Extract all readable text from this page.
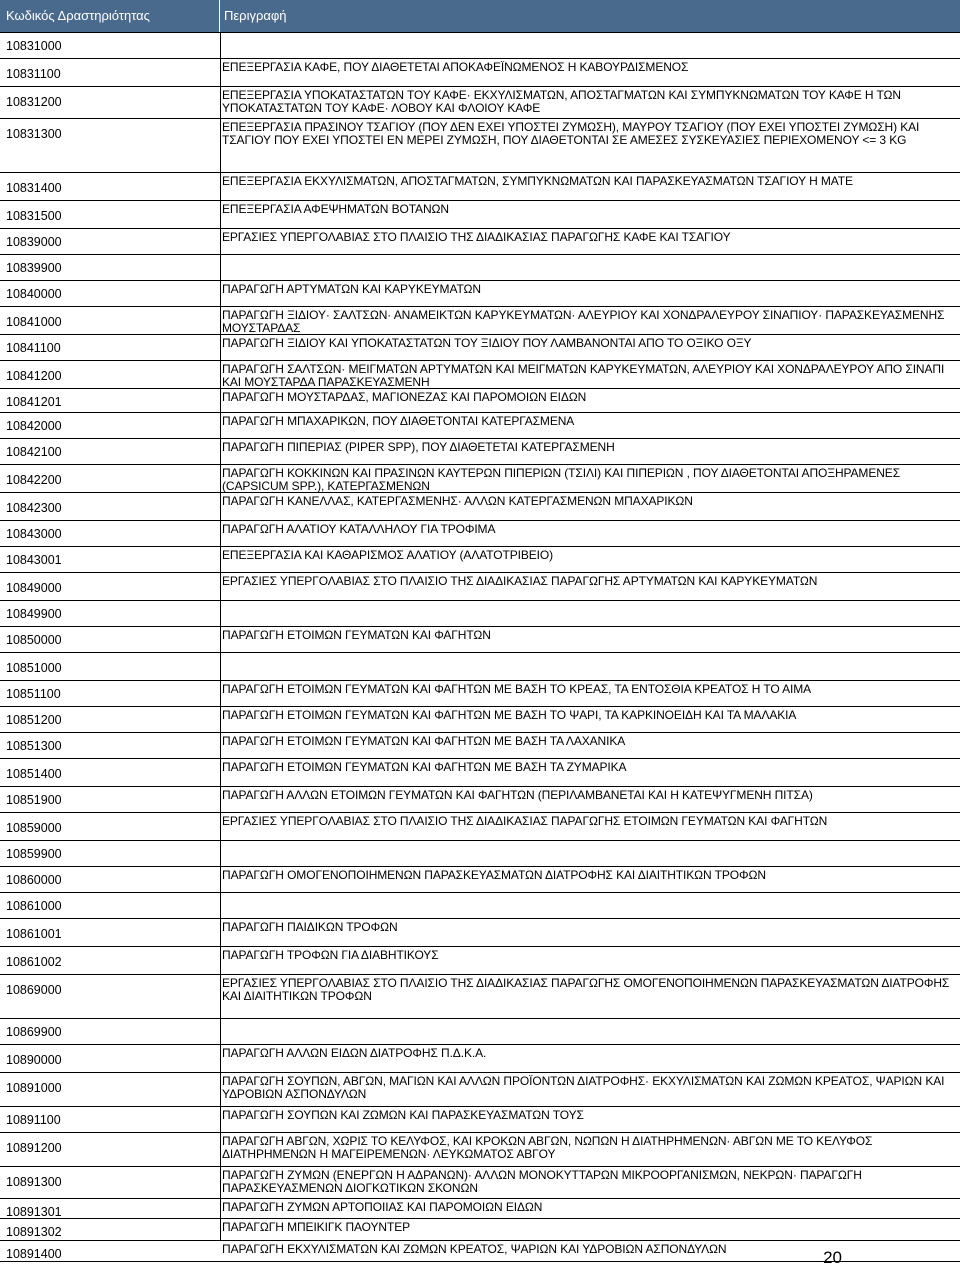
Κωδικός Δραστηριότητας	Περιγραφή
10831000
10831100	ΕΠΕΞΕΡΓΑΣΙΑ ΚΑΦΕ, ΠΟΥ ΔΙΑΘΕΤΕΤΑΙ ΑΠΟΚΑΦΕΪΝΩΜΕΝΟΣ Η ΚΑΒΟΥΡΔΙΣΜΕΝΟΣ
10831200	ΕΠΕΞΕΡΓΑΣΙΑ ΥΠΟΚΑΤΑΣΤΑΤΩΝ ΤΟΥ ΚΑΦΕ· ΕΚΧΥΛΙΣΜΑΤΩΝ, ΑΠΟΣΤΑΓΜΑΤΩΝ ΚΑΙ ΣΥΜΠΥΚΝΩΜΑΤΩΝ ΤΟΥ ΚΑΦΕ Η ΤΩΝ ΥΠΟΚΑΤΑΣΤΑΤΩΝ ΤΟΥ ΚΑΦΕ· ΛΟΒΟΥ ΚΑΙ ΦΛΟΙΟΥ ΚΑΦΕ
10831300	ΕΠΕΞΕΡΓΑΣΙΑ ΠΡΑΣΙΝΟΥ ΤΣΑΓΙΟΥ (ΠΟΥ ΔΕΝ ΕΧΕΙ ΥΠΟΣΤΕΙ ΖΥΜΩΣΗ), ΜΑΥΡΟΥ ΤΣΑΓΙΟΥ (ΠΟΥ ΕΧΕΙ ΥΠΟΣΤΕΙ ΖΥΜΩΣΗ) ΚΑΙ ΤΣΑΓΙΟΥ ΠΟΥ ΕΧΕΙ ΥΠΟΣΤΕΙ ΕΝ ΜΕΡΕΙ ΖΥΜΩΣΗ, ΠΟΥ ΔΙΑΘΕΤΟΝΤΑΙ ΣΕ ΑΜΕΣΕΣ ΣΥΣΚΕΥΑΣΙΕΣ ΠΕΡΙΕΧΟΜΕΝΟΥ <= 3 KG
10831400	ΕΠΕΞΕΡΓΑΣΙΑ ΕΚΧΥΛΙΣΜΑΤΩΝ, ΑΠΟΣΤΑΓΜΑΤΩΝ, ΣΥΜΠΥΚΝΩΜΑΤΩΝ ΚΑΙ ΠΑΡΑΣΚΕΥΑΣΜΑΤΩΝ ΤΣΑΓΙΟΥ Η ΜΑΤΕ
10831500	ΕΠΕΞΕΡΓΑΣΙΑ ΑΦΕΨΗΜΑΤΩΝ ΒΟΤΑΝΩΝ
10839000	ΕΡΓΑΣΙΕΣ ΥΠΕΡΓΟΛΑΒΙΑΣ ΣΤΟ ΠΛΑΙΣΙΟ ΤΗΣ ΔΙΑΔΙΚΑΣΙΑΣ ΠΑΡΑΓΩΓΗΣ ΚΑΦΕ ΚΑΙ ΤΣΑΓΙΟΥ
10839900
10840000	ΠΑΡΑΓΩΓΗ ΑΡΤΥΜΑΤΩΝ ΚΑΙ ΚΑΡΥΚΕΥΜΑΤΩΝ
10841000	ΠΑΡΑΓΩΓΗ ΞΙΔΙΟΥ· ΣΑΛΤΣΩΝ· ΑΝΑΜΕΙΚΤΩΝ ΚΑΡΥΚΕΥΜΑΤΩΝ· ΑΛΕΥΡΙΟΥ ΚΑΙ ΧΟΝΔΡΑΛΕΥΡΟΥ ΣΙΝΑΠΙΟΥ· ΠΑΡΑΣΚΕΥΑΣΜΕΝΗΣ ΜΟΥΣΤΑΡΔΑΣ
10841100	ΠΑΡΑΓΩΓΗ ΞΙΔΙΟΥ ΚΑΙ ΥΠΟΚΑΤΑΣΤΑΤΩΝ ΤΟΥ ΞΙΔΙΟΥ ΠΟΥ ΛΑΜΒΑΝΟΝΤΑΙ ΑΠΟ ΤΟ ΟΞΙΚΟ ΟΞΥ
10841200	ΠΑΡΑΓΩΓΗ ΣΑΛΤΣΩΝ· ΜΕΙΓΜΑΤΩΝ ΑΡΤΥΜΑΤΩΝ ΚΑΙ ΜΕΙΓΜΑΤΩΝ ΚΑΡΥΚΕΥΜΑΤΩΝ, ΑΛΕΥΡΙΟΥ ΚΑΙ ΧΟΝΔΡΑΛΕΥΡΟΥ ΑΠΟ ΣΙΝΑΠΙ ΚΑΙ ΜΟΥΣΤΑΡΔΑ ΠΑΡΑΣΚΕΥΑΣΜΕΝΗ
10841201	ΠΑΡΑΓΩΓΗ ΜΟΥΣΤΑΡΔΑΣ, ΜΑΓΙΟΝΕΖΑΣ ΚΑΙ ΠΑΡΟΜΟΙΩΝ ΕΙΔΩΝ
10842000	ΠΑΡΑΓΩΓΗ ΜΠΑΧΑΡΙΚΩΝ, ΠΟΥ ΔΙΑΘΕΤΟΝΤΑΙ ΚΑΤΕΡΓΑΣΜΕΝΑ
10842100	ΠΑΡΑΓΩΓΗ ΠΙΠΕΡΙΑΣ (PIPER SPP), ΠΟΥ ΔΙΑΘΕΤΕΤΑΙ ΚΑΤΕΡΓΑΣΜΕΝΗ
10842200	ΠΑΡΑΓΩΓΗ ΚΟΚΚΙΝΩΝ ΚΑΙ ΠΡΑΣΙΝΩΝ ΚΑΥΤΕΡΩΝ ΠΙΠΕΡΙΩΝ (ΤΣΙΛΙ) ΚΑΙ ΠΙΠΕΡΙΩΝ , ΠΟΥ ΔΙΑΘΕΤΟΝΤΑΙ ΑΠΟΞΗΡΑΜΕΝΕΣ (CAPSICUM SPP.), ΚΑΤΕΡΓΑΣΜΕΝΩΝ
10842300	ΠΑΡΑΓΩΓΗ ΚΑΝΕΛΛΑΣ, ΚΑΤΕΡΓΑΣΜΕΝΗΣ· ΑΛΛΩΝ ΚΑΤΕΡΓΑΣΜΕΝΩΝ ΜΠΑΧΑΡΙΚΩΝ
10843000	ΠΑΡΑΓΩΓΗ ΑΛΑΤΙΟΥ ΚΑΤΑΛΛΗΛΟΥ ΓΙΑ ΤΡΟΦΙΜΑ
10843001	ΕΠΕΞΕΡΓΑΣΙΑ ΚΑΙ ΚΑΘΑΡΙΣΜΟΣ ΑΛΑΤΙΟΥ (ΑΛΑΤΟΤΡΙΒΕΙΟ)
10849000	ΕΡΓΑΣΙΕΣ ΥΠΕΡΓΟΛΑΒΙΑΣ ΣΤΟ ΠΛΑΙΣΙΟ ΤΗΣ ΔΙΑΔΙΚΑΣΙΑΣ ΠΑΡΑΓΩΓΗΣ ΑΡΤΥΜΑΤΩΝ ΚΑΙ ΚΑΡΥΚΕΥΜΑΤΩΝ
10849900
10850000	ΠΑΡΑΓΩΓΗ ΕΤΟΙΜΩΝ ΓΕΥΜΑΤΩΝ ΚΑΙ ΦΑΓΗΤΩΝ
10851000
10851100	ΠΑΡΑΓΩΓΗ ΕΤΟΙΜΩΝ ΓΕΥΜΑΤΩΝ ΚΑΙ ΦΑΓΗΤΩΝ ΜΕ ΒΑΣΗ ΤΟ ΚΡΕΑΣ, ΤΑ ΕΝΤΟΣΘΙΑ ΚΡΕΑΤΟΣ Η ΤΟ ΑΙΜΑ
10851200	ΠΑΡΑΓΩΓΗ ΕΤΟΙΜΩΝ ΓΕΥΜΑΤΩΝ ΚΑΙ ΦΑΓΗΤΩΝ ΜΕ ΒΑΣΗ ΤΟ ΨΑΡΙ, ΤΑ ΚΑΡΚΙΝΟΕΙΔΗ ΚΑΙ ΤΑ ΜΑΛΑΚΙΑ
10851300	ΠΑΡΑΓΩΓΗ ΕΤΟΙΜΩΝ ΓΕΥΜΑΤΩΝ ΚΑΙ ΦΑΓΗΤΩΝ ΜΕ ΒΑΣΗ ΤΑ ΛΑΧΑΝΙΚΑ
10851400	ΠΑΡΑΓΩΓΗ ΕΤΟΙΜΩΝ ΓΕΥΜΑΤΩΝ ΚΑΙ ΦΑΓΗΤΩΝ ΜΕ ΒΑΣΗ ΤΑ ΖΥΜΑΡΙΚΑ
10851900	ΠΑΡΑΓΩΓΗ ΑΛΛΩΝ ΕΤΟΙΜΩΝ ΓΕΥΜΑΤΩΝ ΚΑΙ ΦΑΓΗΤΩΝ (ΠΕΡΙΛΑΜΒΑΝΕΤΑΙ ΚΑΙ Η ΚΑΤΕΨΥΓΜΕΝΗ ΠΙΤΣΑ)
10859000	ΕΡΓΑΣΙΕΣ ΥΠΕΡΓΟΛΑΒΙΑΣ ΣΤΟ ΠΛΑΙΣΙΟ ΤΗΣ ΔΙΑΔΙΚΑΣΙΑΣ ΠΑΡΑΓΩΓΗΣ ΕΤΟΙΜΩΝ ΓΕΥΜΑΤΩΝ ΚΑΙ ΦΑΓΗΤΩΝ
10859900
10860000	ΠΑΡΑΓΩΓΗ ΟΜΟΓΕΝΟΠΟΙΗΜΕΝΩΝ ΠΑΡΑΣΚΕΥΑΣΜΑΤΩΝ ΔΙΑΤΡΟΦΗΣ ΚΑΙ ΔΙΑΙΤΗΤΙΚΩΝ ΤΡΟΦΩΝ
10861000
10861001	ΠΑΡΑΓΩΓΗ ΠΑΙΔΙΚΩΝ ΤΡΟΦΩΝ
10861002	ΠΑΡΑΓΩΓΗ ΤΡΟΦΩΝ ΓΙΑ ΔΙΑΒΗΤΙΚΟΥΣ
10869000	ΕΡΓΑΣΙΕΣ ΥΠΕΡΓΟΛΑΒΙΑΣ ΣΤΟ ΠΛΑΙΣΙΟ ΤΗΣ ΔΙΑΔΙΚΑΣΙΑΣ ΠΑΡΑΓΩΓΗΣ ΟΜΟΓΕΝΟΠΟΙΗΜΕΝΩΝ ΠΑΡΑΣΚΕΥΑΣΜΑΤΩΝ ΔΙΑΤΡΟΦΗΣ ΚΑΙ ΔΙΑΙΤΗΤΙΚΩΝ ΤΡΟΦΩΝ
10869900
10890000	ΠΑΡΑΓΩΓΗ ΑΛΛΩΝ ΕΙΔΩΝ ΔΙΑΤΡΟΦΗΣ Π.Δ.Κ.Α.
10891000	ΠΑΡΑΓΩΓΗ ΣΟΥΠΩΝ, ΑΒΓΩΝ, ΜΑΓΙΩΝ ΚΑΙ ΑΛΛΩΝ ΠΡΟΪΟΝΤΩΝ ΔΙΑΤΡΟΦΗΣ· ΕΚΧΥΛΙΣΜΑΤΩΝ ΚΑΙ ΖΩΜΩΝ ΚΡΕΑΤΟΣ, ΨΑΡΙΩΝ ΚΑΙ ΥΔΡΟΒΙΩΝ ΑΣΠΟΝΔΥΛΩΝ
10891100	ΠΑΡΑΓΩΓΗ ΣΟΥΠΩΝ ΚΑΙ ΖΩΜΩΝ ΚΑΙ ΠΑΡΑΣΚΕΥΑΣΜΑΤΩΝ ΤΟΥΣ
10891200	ΠΑΡΑΓΩΓΗ ΑΒΓΩΝ, ΧΩΡΙΣ ΤΟ ΚΕΛΥΦΟΣ, ΚΑΙ ΚΡΟΚΩΝ ΑΒΓΩΝ, ΝΩΠΩΝ Η ΔΙΑΤΗΡΗΜΕΝΩΝ· ΑΒΓΩΝ ΜΕ ΤΟ ΚΕΛΥΦΟΣ ΔΙΑΤΗΡΗΜΕΝΩΝ Η ΜΑΓΕΙΡΕΜΕΝΩΝ· ΛΕΥΚΩΜΑΤΟΣ ΑΒΓΟΥ
10891300	ΠΑΡΑΓΩΓΗ ΖΥΜΩΝ (ΕΝΕΡΓΩΝ Η ΑΔΡΑΝΩΝ)· ΑΛΛΩΝ ΜΟΝΟΚΥΤΤΑΡΩΝ ΜΙΚΡΟΟΡΓΑΝΙΣΜΩΝ, ΝΕΚΡΩΝ· ΠΑΡΑΓΩΓΗ ΠΑΡΑΣΚΕΥΑΣΜΕΝΩΝ ΔΙΟΓΚΩΤΙΚΩΝ ΣΚΟΝΩΝ
10891301	ΠΑΡΑΓΩΓΗ ΖΥΜΩΝ ΑΡΤΟΠΟΙΙΑΣ ΚΑΙ ΠΑΡΟΜΟΙΩΝ ΕΙΔΩΝ
10891302	ΠΑΡΑΓΩΓΗ ΜΠΕΙΚΙΓΚ ΠΑΟΥΝΤΕΡ
10891400	ΠΑΡΑΓΩΓΗ ΕΚΧΥΛΙΣΜΑΤΩΝ ΚΑΙ ΖΩΜΩΝ ΚΡΕΑΤΟΣ, ΨΑΡΙΩΝ ΚΑΙ ΥΔΡΟΒΙΩΝ ΑΣΠΟΝΔΥΛΩΝ	20
